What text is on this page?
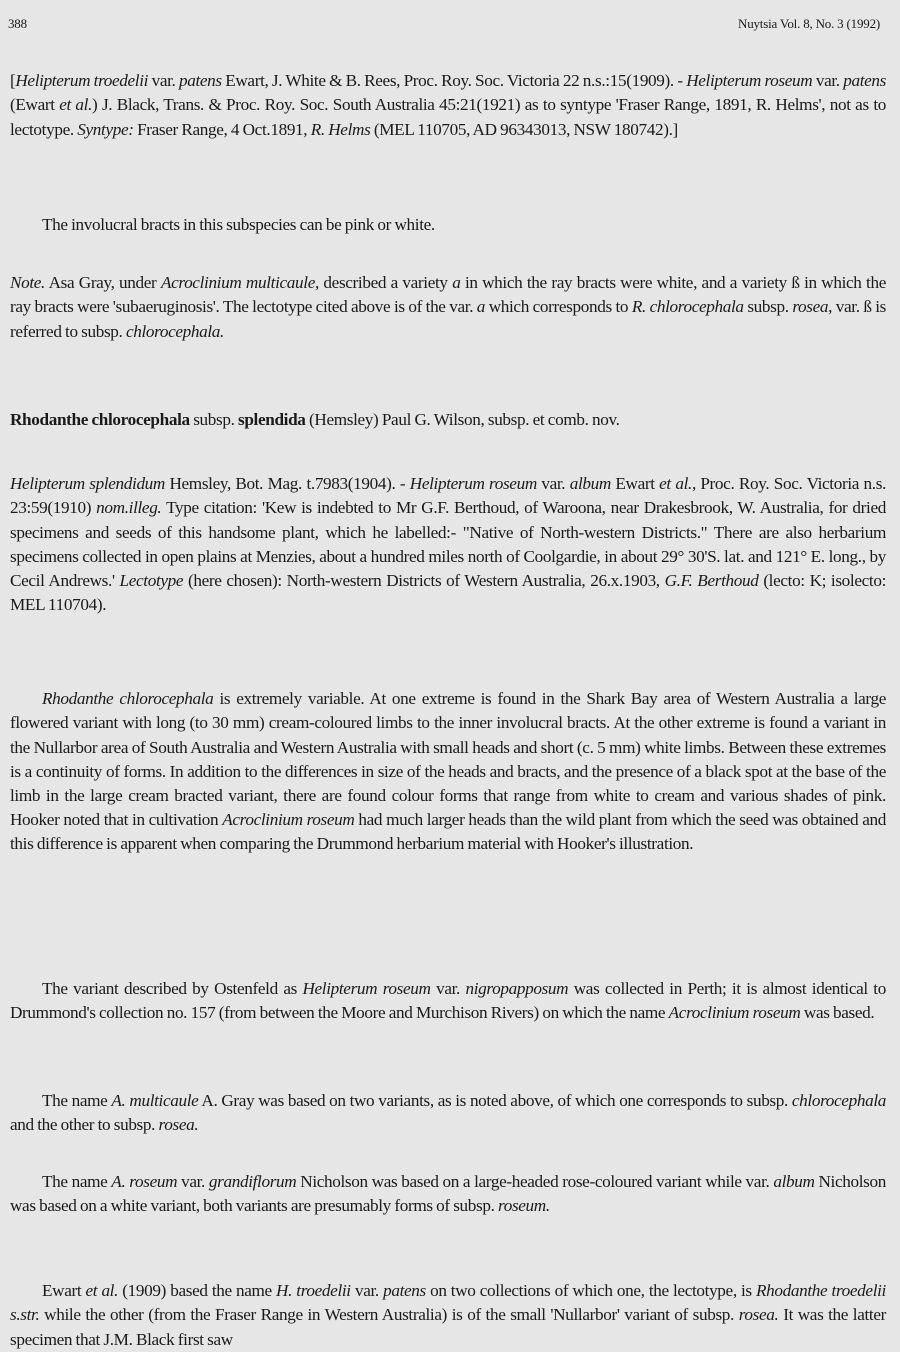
388	Nuytsia Vol. 8, No. 3 (1992)

[Helipterum troedelii var. patens Ewart, J. White & B. Rees, Proc. Roy. Soc. Victoria 22 n.s.:15(1909). - Helipterum roseum var. patens (Ewart et al.) J. Black, Trans. & Proc. Roy. Soc. South Australia 45:21(1921) as to syntype 'Fraser Range, 1891, R. Helms', not as to lectotype. Syntype: Fraser Range, 4 Oct.1891, R. Helms (MEL 110705, AD 96343013, NSW 180742).]

The involucral bracts in this subspecies can be pink or white.

Note. Asa Gray, under Acroclinium multicaule, described a variety a in which the ray bracts were white, and a variety ß in which the ray bracts were 'subaeruginosis'. The lectotype cited above is of the var. a which corresponds to R. chlorocephala subsp. rosea, var. ß is referred to subsp. chlorocephala.

Rhodanthe chlorocephala subsp. splendida (Hemsley) Paul G. Wilson, subsp. et comb. nov.

Helipterum splendidum Hemsley, Bot. Mag. t.7983(1904). - Helipterum roseum var. album Ewart et al., Proc. Roy. Soc. Victoria n.s. 23:59(1910) nom.illeg. Type citation: 'Kew is indebted to Mr G.F. Berthoud, of Waroona, near Drakesbrook, W. Australia, for dried specimens and seeds of this handsome plant, which he labelled:- "Native of North-western Districts." There are also herbarium specimens collected in open plains at Menzies, about a hundred miles north of Coolgardie, in about 29° 30'S. lat. and 121° E. long., by Cecil Andrews.' Lectotype (here chosen): North-western Districts of Western Australia, 26.x.1903, G.F. Berthoud (lecto: K; isolecto: MEL 110704).

Rhodanthe chlorocephala is extremely variable. At one extreme is found in the Shark Bay area of Western Australia a large flowered variant with long (to 30 mm) cream-coloured limbs to the inner involucral bracts. At the other extreme is found a variant in the Nullarbor area of South Australia and Western Australia with small heads and short (c. 5 mm) white limbs. Between these extremes is a continuity of forms. In addition to the differences in size of the heads and bracts, and the presence of a black spot at the base of the limb in the large cream bracted variant, there are found colour forms that range from white to cream and various shades of pink. Hooker noted that in cultivation Acroclinium roseum had much larger heads than the wild plant from which the seed was obtained and this difference is apparent when comparing the Drummond herbarium material with Hooker's illustration.

The variant described by Ostenfeld as Helipterum roseum var. nigropapposum was collected in Perth; it is almost identical to Drummond's collection no. 157 (from between the Moore and Murchison Rivers) on which the name Acroclinium roseum was based.

The name A. multicaule A. Gray was based on two variants, as is noted above, of which one corresponds to subsp. chlorocephala and the other to subsp. rosea.

The name A. roseum var. grandiflorum Nicholson was based on a large-headed rose-coloured variant while var. album Nicholson was based on a white variant, both variants are presumably forms of subsp. roseum.

Ewart et al. (1909) based the name H. troedelii var. patens on two collections of which one, the lectotype, is Rhodanthe troedelii s.str. while the other (from the Fraser Range in Western Australia) is of the small 'Nullarbor' variant of subsp. rosea. It was the latter specimen that J.M. Black first saw
